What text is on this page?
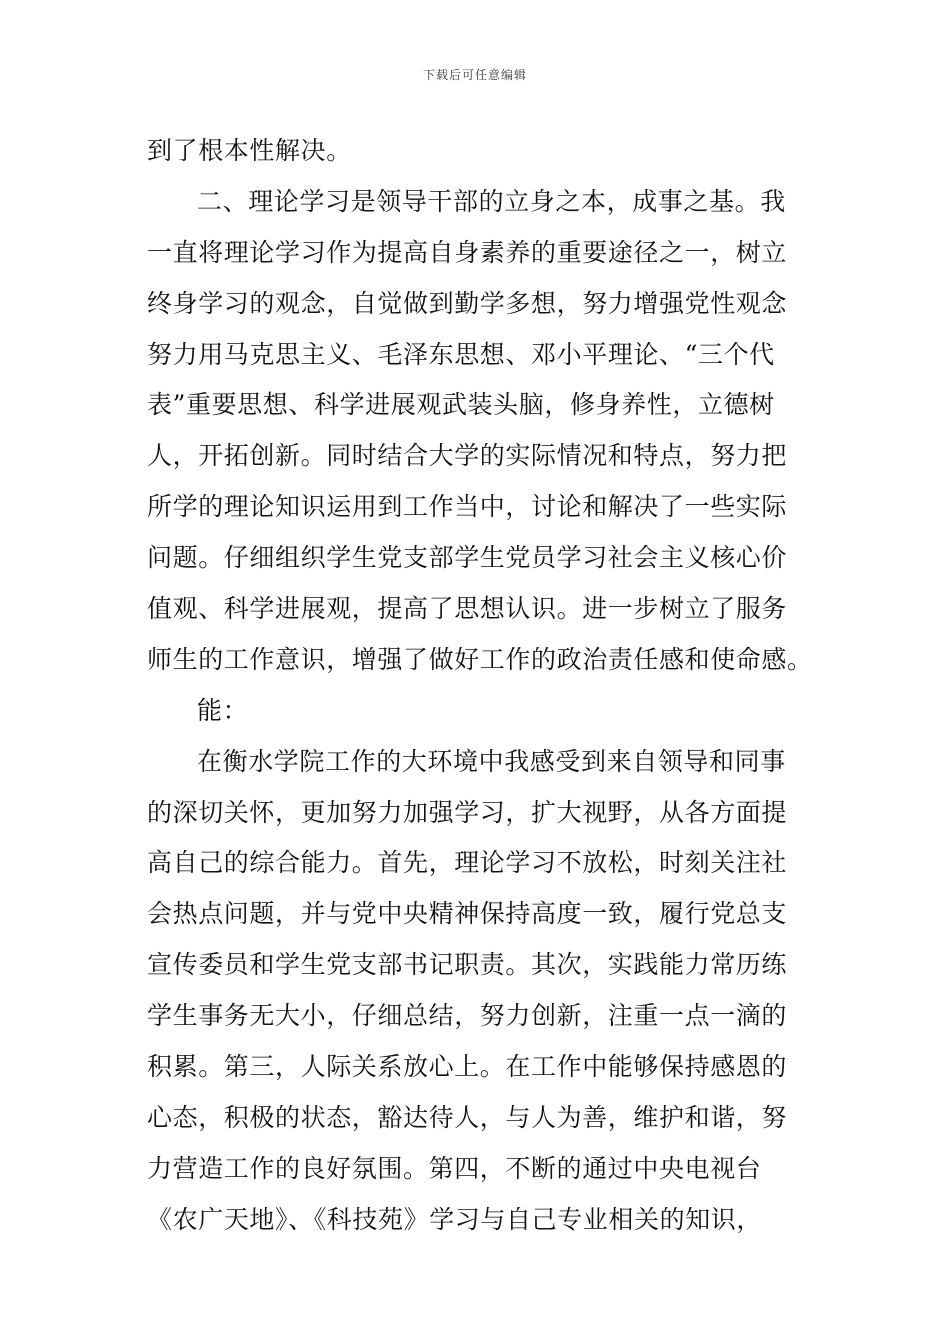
下载后可任意编辑
到了根本性解决。
二、理论学习是领导干部的立身之本，成事之基。我
一直将理论学习作为提高自身素养的重要途径之一，树立
终身学习的观念，自觉做到勤学多想，努力增强党性观念
努力用马克思主义、毛泽东思想、邓小平理论、“三个代
表”重要思想、科学进展观武装头脑，修身养性，立德树
人，开拓创新。同时结合大学的实际情况和特点，努力把
所学的理论知识运用到工作当中，讨论和解决了一些实际
问题。仔细组织学生党支部学生党员学习社会主义核心价
值观、科学进展观，提高了思想认识。进一步树立了服务
师生的工作意识，增强了做好工作的政治责任感和使命感。
能：
在衡水学院工作的大环境中我感受到来自领导和同事
的深切关怀，更加努力加强学习，扩大视野，从各方面提
高自己的综合能力。首先，理论学习不放松，时刻关注社
会热点问题，并与党中央精神保持高度一致，履行党总支
宣传委员和学生党支部书记职责。其次，实践能力常历练
学生事务无大小，仔细总结，努力创新，注重一点一滴的
积累。第三，人际关系放心上。在工作中能够保持感恩的
心态，积极的状态，豁达待人，与人为善，维护和谐，努
力营造工作的良好氛围。第四，不断的通过中央电视台
《农广天地》、《科技苑》学习与自己专业相关的知识，
